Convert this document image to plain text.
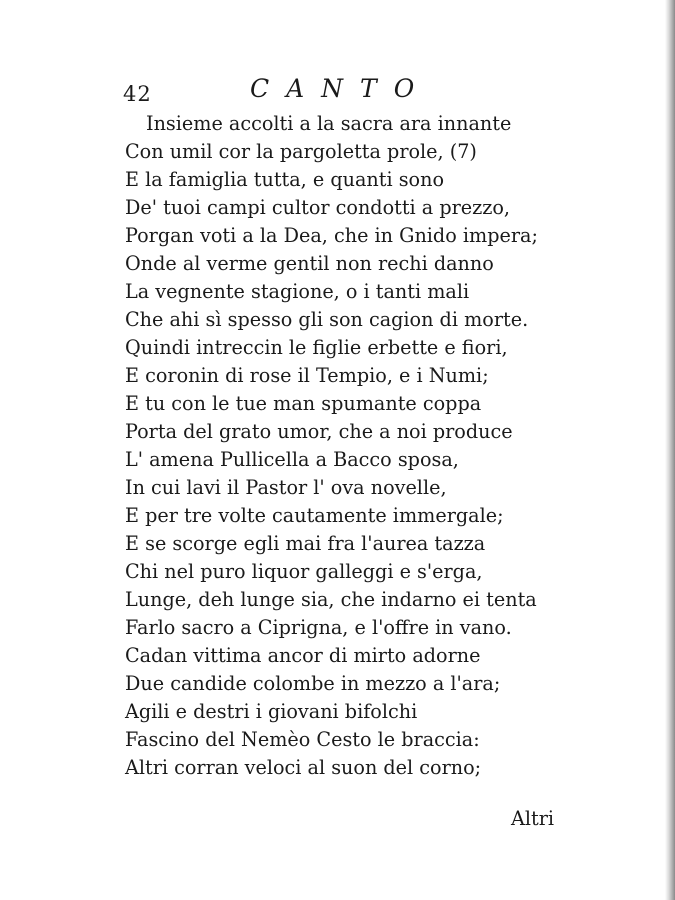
42	CANTO
Insieme accolti a la sacra ara innante
Con umil cor la pargoletta prole, (7)
E la famiglia tutta, e quanti sono
De' tuoi campi cultor condotti a prezzo,
Porgan voti a la Dea, che in Gnido impera;
Onde al verme gentil non rechi danno
La vegnente stagione, o i tanti mali
Che ahi sì spesso gli son cagion di morte.
Quindi intreccin le figlie erbette e fiori,
E coronin di rose il Tempio, e i Numi;
E tu con le tue man spumante coppa
Porta del grato umor, che a noi produce
L' amena Pullicella a Bacco sposa,
In cui lavi il Pastor l' ova novelle,
E per tre volte cautamente immergale;
E se scorge egli mai fra l'aurea tazza
Chi nel puro liquor galleggi e s'erga,
Lunge, deh lunge sia, che indarno ei tenta
Farlo sacro a Ciprigna, e l'offre in vano.
Cadan vittima ancor di mirto adorne
Due candide colombe in mezzo a l'ara;
Agili e destri i giovani bifolchi
Fascino del Nemèo Cesto le braccia:
Altri corran veloci al suon del corno;
Altri
